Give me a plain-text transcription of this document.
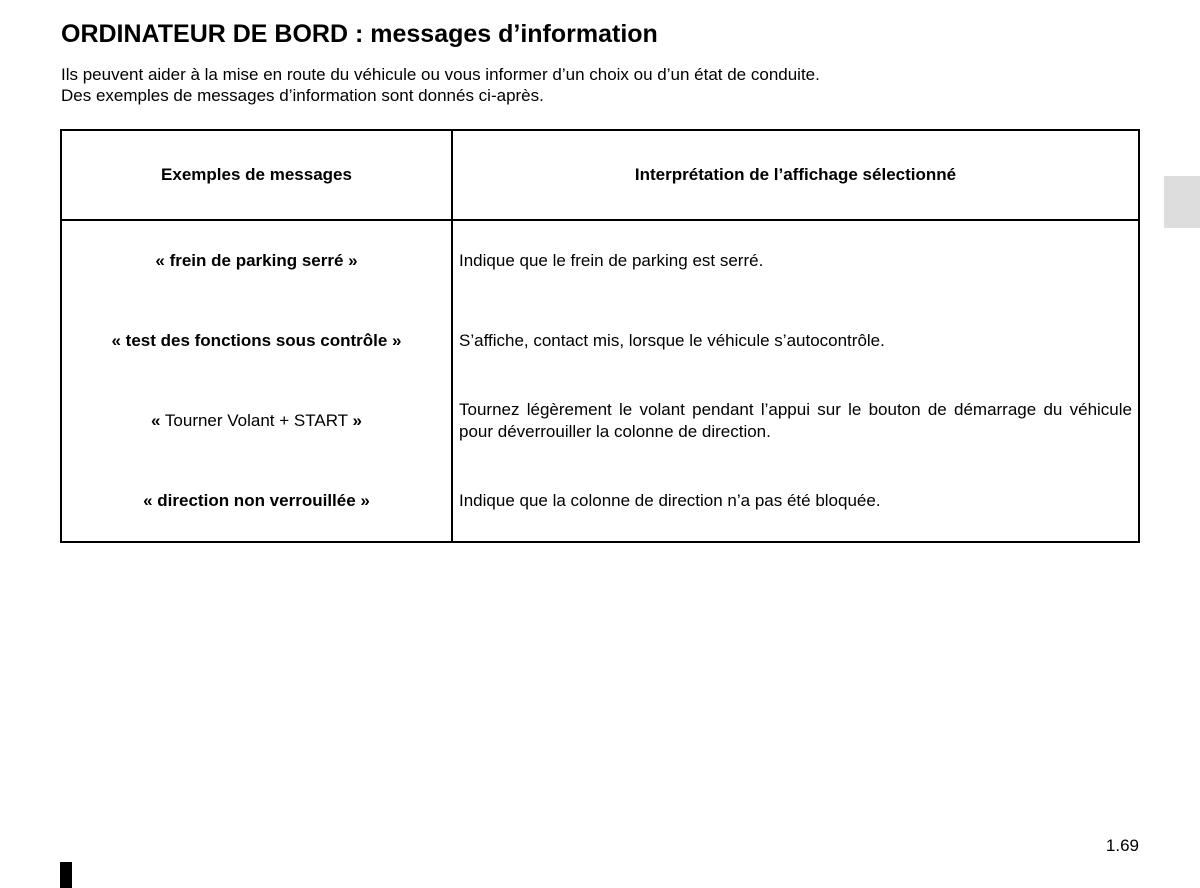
ORDINATEUR DE BORD : messages d’information
Ils peuvent aider à la mise en route du véhicule ou vous informer d’un choix ou d’un état de conduite.
Des exemples de messages d’information sont donnés ci-après.
Exemples de messages	Interprétation de l’affichage sélectionné
« frein de parking serré »	Indique que le frein de parking est serré.
« test des fonctions sous contrôle »	S’affiche, contact mis, lorsque le véhicule s’autocontrôle.
« Tourner Volant + START »	Tournez légèrement le volant pendant l’appui sur le bouton de démarrage du véhicule pour déverrouiller la colonne de direction.
« direction non verrouillée »	Indique que la colonne de direction n’a pas été bloquée.
1.69
